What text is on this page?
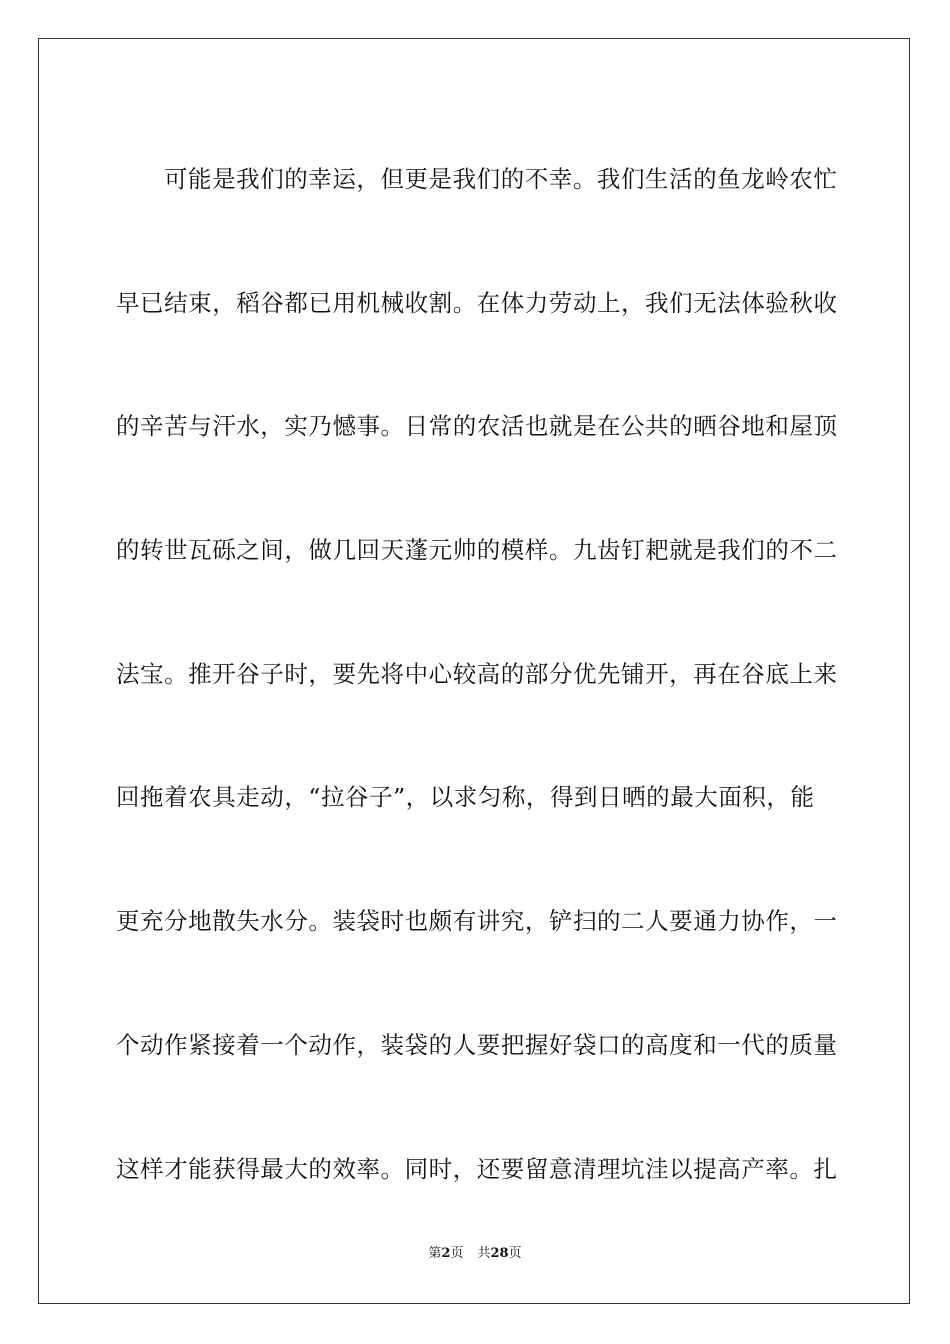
可能是我们的幸运，但更是我们的不幸。我们生活的鱼龙岭农忙
早已结束，稻谷都已用机械收割。在体力劳动上，我们无法体验秋收
的辛苦与汗水，实乃憾事。日常的农活也就是在公共的晒谷地和屋顶
的转世瓦砾之间，做几回天蓬元帅的模样。九齿钉耙就是我们的不二
法宝。推开谷子时，要先将中心较高的部分优先铺开，再在谷底上来
回拖着农具走动，“拉谷子”，以求匀称，得到日晒的最大面积，能
更充分地散失水分。装袋时也颇有讲究，铲扫的二人要通力协作，一
个动作紧接着一个动作，装袋的人要把握好袋口的高度和一代的质量
这样才能获得最大的效率。同时，还要留意清理坑洼以提高产率。扎
第2页 共28页
